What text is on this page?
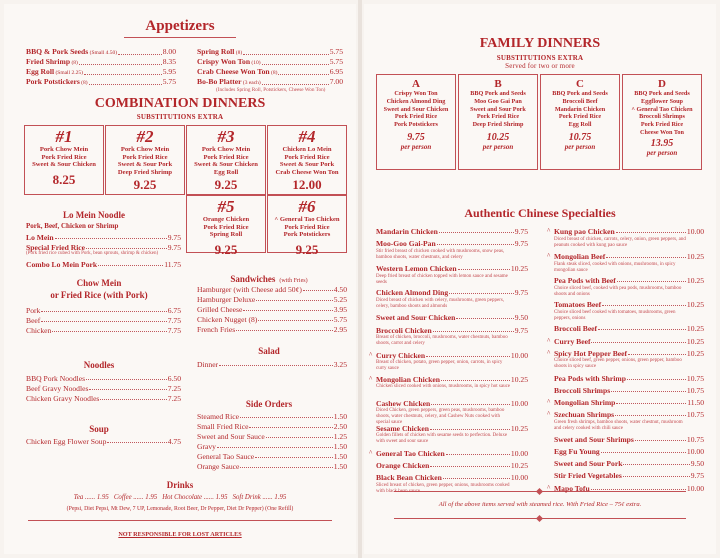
Appetizers
(Includes Spring Roll, Potstickers, Cheese Won Ton)
COMBINATION DINNERS
SUBSTITUTIONS EXTRA
Lo Mein Noodle
Pork, Beef, Chicken or Shrimp
(Pork fried rice cubed with Pork, bean sprouts, shrimp & chicken)
Chow Mein
or Fried Rice (with Pork)
Noodles
Soup
Sandwiches (with Fries)
Salad
Side Orders
Drinks
Tea ...... 1.95   Coffee ...... 1.95   Hot Chocolate ...... 1.95   Soft Drink ...... 1.95
(Pepsi, Diet Pepsi, Mt Dew, 7 UP, Lemonade, Root Beer, Dr Pepper, Diet Dr Pepper) (One Refill)
NOT RESPONSIBLE FOR LOST ARTICLES
BBQ & Pork Seeds (Small 4.50)	8.00
Fried Shrimp (8)	8.35
Egg Roll (Small 2.25)	5.95
Pork Potstickers (8)	5.75
Spring Roll (8)	5.75
Crispy Won Ton (10)	5.75
Crab Cheese Won Ton (8)	6.95
Bo-Bo Platter (3 each)	7.00
#1
Pork Chow Mein
Pork Fried Rice
Sweet & Sour Chicken
8.25
#2
Pork Chow Mein
Pork Fried Rice
Sweet & Sour Pork
Deep Fried Shrimp
9.25
#3
Pork Chow Mein
Pork Fried Rice
Sweet & Sour Chicken
Egg Roll
9.25
#4
Chicken Lo Mein
Pork Fried Rice
Sweet & Sour Pork
Crab Cheese Won Ton
12.00
#5
Orange Chicken
Pork Fried Rice
Spring Roll
9.25
#6
^ General Tao Chicken
Pork Fried Rice
Pork Potstickers
9.25
Lo Mein	9.75
Special Fried Rice	9.75
Combo Lo Mein Pork	11.75
Pork	6.75
Beef	7.75
Chicken	7.75
BBQ Pork Noodles	6.50
Beef Gravy Noodles	7.25
Chicken Gravy Noodles	7.25
Chicken Egg Flower Soup	4.75
Hamburger (with Cheese add 50¢)	4.50
Hamburger Deluxe	5.25
Grilled Cheese	3.95
Chicken Nugget (8)	5.75
French Fries	2.95
Dinner	3.25
Steamed Rice	1.50
Small Fried Rice	2.50
Sweet and Sour Sauce	1.25
Gravy	1.50
General Tao Sauce	1.50
Orange Sauce	1.50
FAMILY DINNERS
SUBSTITUTIONS EXTRA
Served for two or more
Authentic Chinese Specialties
All of the above items served with steamed rice. With Fried Rice – 75¢ extra.
A
Crispy Won Ton
Chicken Almond Ding
Sweet and Sour Chicken
Pork Fried Rice
Pork Potstickers
9.75
per person
B
BBQ Pork and Seeds
Moo Goo Gai Pan
Sweet and Sour Pork
Pork Fried Rice
Deep Fried Shrimp
10.25
per person
C
BBQ Pork and Seeds
Broccoli Beef
Mandarin Chicken
Pork Fried Rice
Egg Roll
10.75
per person
D
BBQ Pork and Seeds
Eggflower Soup
^ General Tao Chicken
Broccoli Shrimps
Pork Fried Rice
Cheese Won Ton
13.95
per person
Mandarin Chicken	9.75
Moo-Goo Gai-Pan	9.75
Stir fried breast of chicken cooked with mushrooms, snow peas, bamboo shoots, water chestnuts, and celery
Western Lemon Chicken	10.25
Deep fried breast of chicken topped with lemon sauce and sesame seeds
Chicken Almond Ding	9.75
Diced breast of chicken with celery, mushrooms, green peppers, celery, bamboo shoots and almonds
Sweet and Sour Chicken	9.50
Broccoli Chicken	9.75
Breast of chicken, broccoli, mushrooms, water chestnuts, bamboo shoots, carrot and celery
^ Curry Chicken	10.00
Breast of chicken, potato, green pepper, onion, carrots, in spicy curry sauce
^ Mongolian Chicken	10.25
Chicken sliced cooked with onions, mushrooms, in spicy hot sauce
Cashew Chicken	10.00
Diced Chicken, green peppers, green peas, mushrooms, bamboo shoots, water chestnuts, celery, and Cashew Nuts cooked with special sauce
Sesame Chicken	10.25
Golden fillets of chicken with sesame seeds to perfection. Deluxe with sweet and sour sauce
^ General Tao Chicken	10.00
Orange Chicken	10.25
Black Bean Chicken	10.00
Sliced breast of chicken, green pepper, onions, mushrooms cooked with black bean sauce
^ Kung pao Chicken	10.00
Diced breast of chicken, carrots, celery, onion, green peppers, and peanuts cooked with kung pao sauce
^ Mongolian Beef	10.25
Flank steak sliced, cooked with onions, mushrooms, in spicy mongolian sauce
Pea Pods with Beef	10.25
Choice sliced beef, cooked with pea pods, mushrooms, bamboo shoots and onions
Tomatoes Beef	10.25
Choice sliced beef cooked with tomatoes, mushrooms, green peppers, onions
Broccoli Beef	10.25
^ Curry Beef	10.25
^ Spicy Hot Pepper Beef	10.25
Choice sliced beef, green pepper, onions, green pepper, bamboo shoots in spicy sauce
Pea Pods with Shrimp	10.75
Broccoli Shrimps	10.75
^ Mongolian Shrimp	11.50
^ Szechuan Shrimps	10.75
Green fresh shrimps, bamboo shoots, water chestnut, mushroom and celery cooked with chili sauce
Sweet and Sour Shrimps	10.75
Egg Fu Young	10.00
Sweet and Sour Pork	9.50
Stir Fried Vegetables	9.75
^ Mapo Tofu	10.00
